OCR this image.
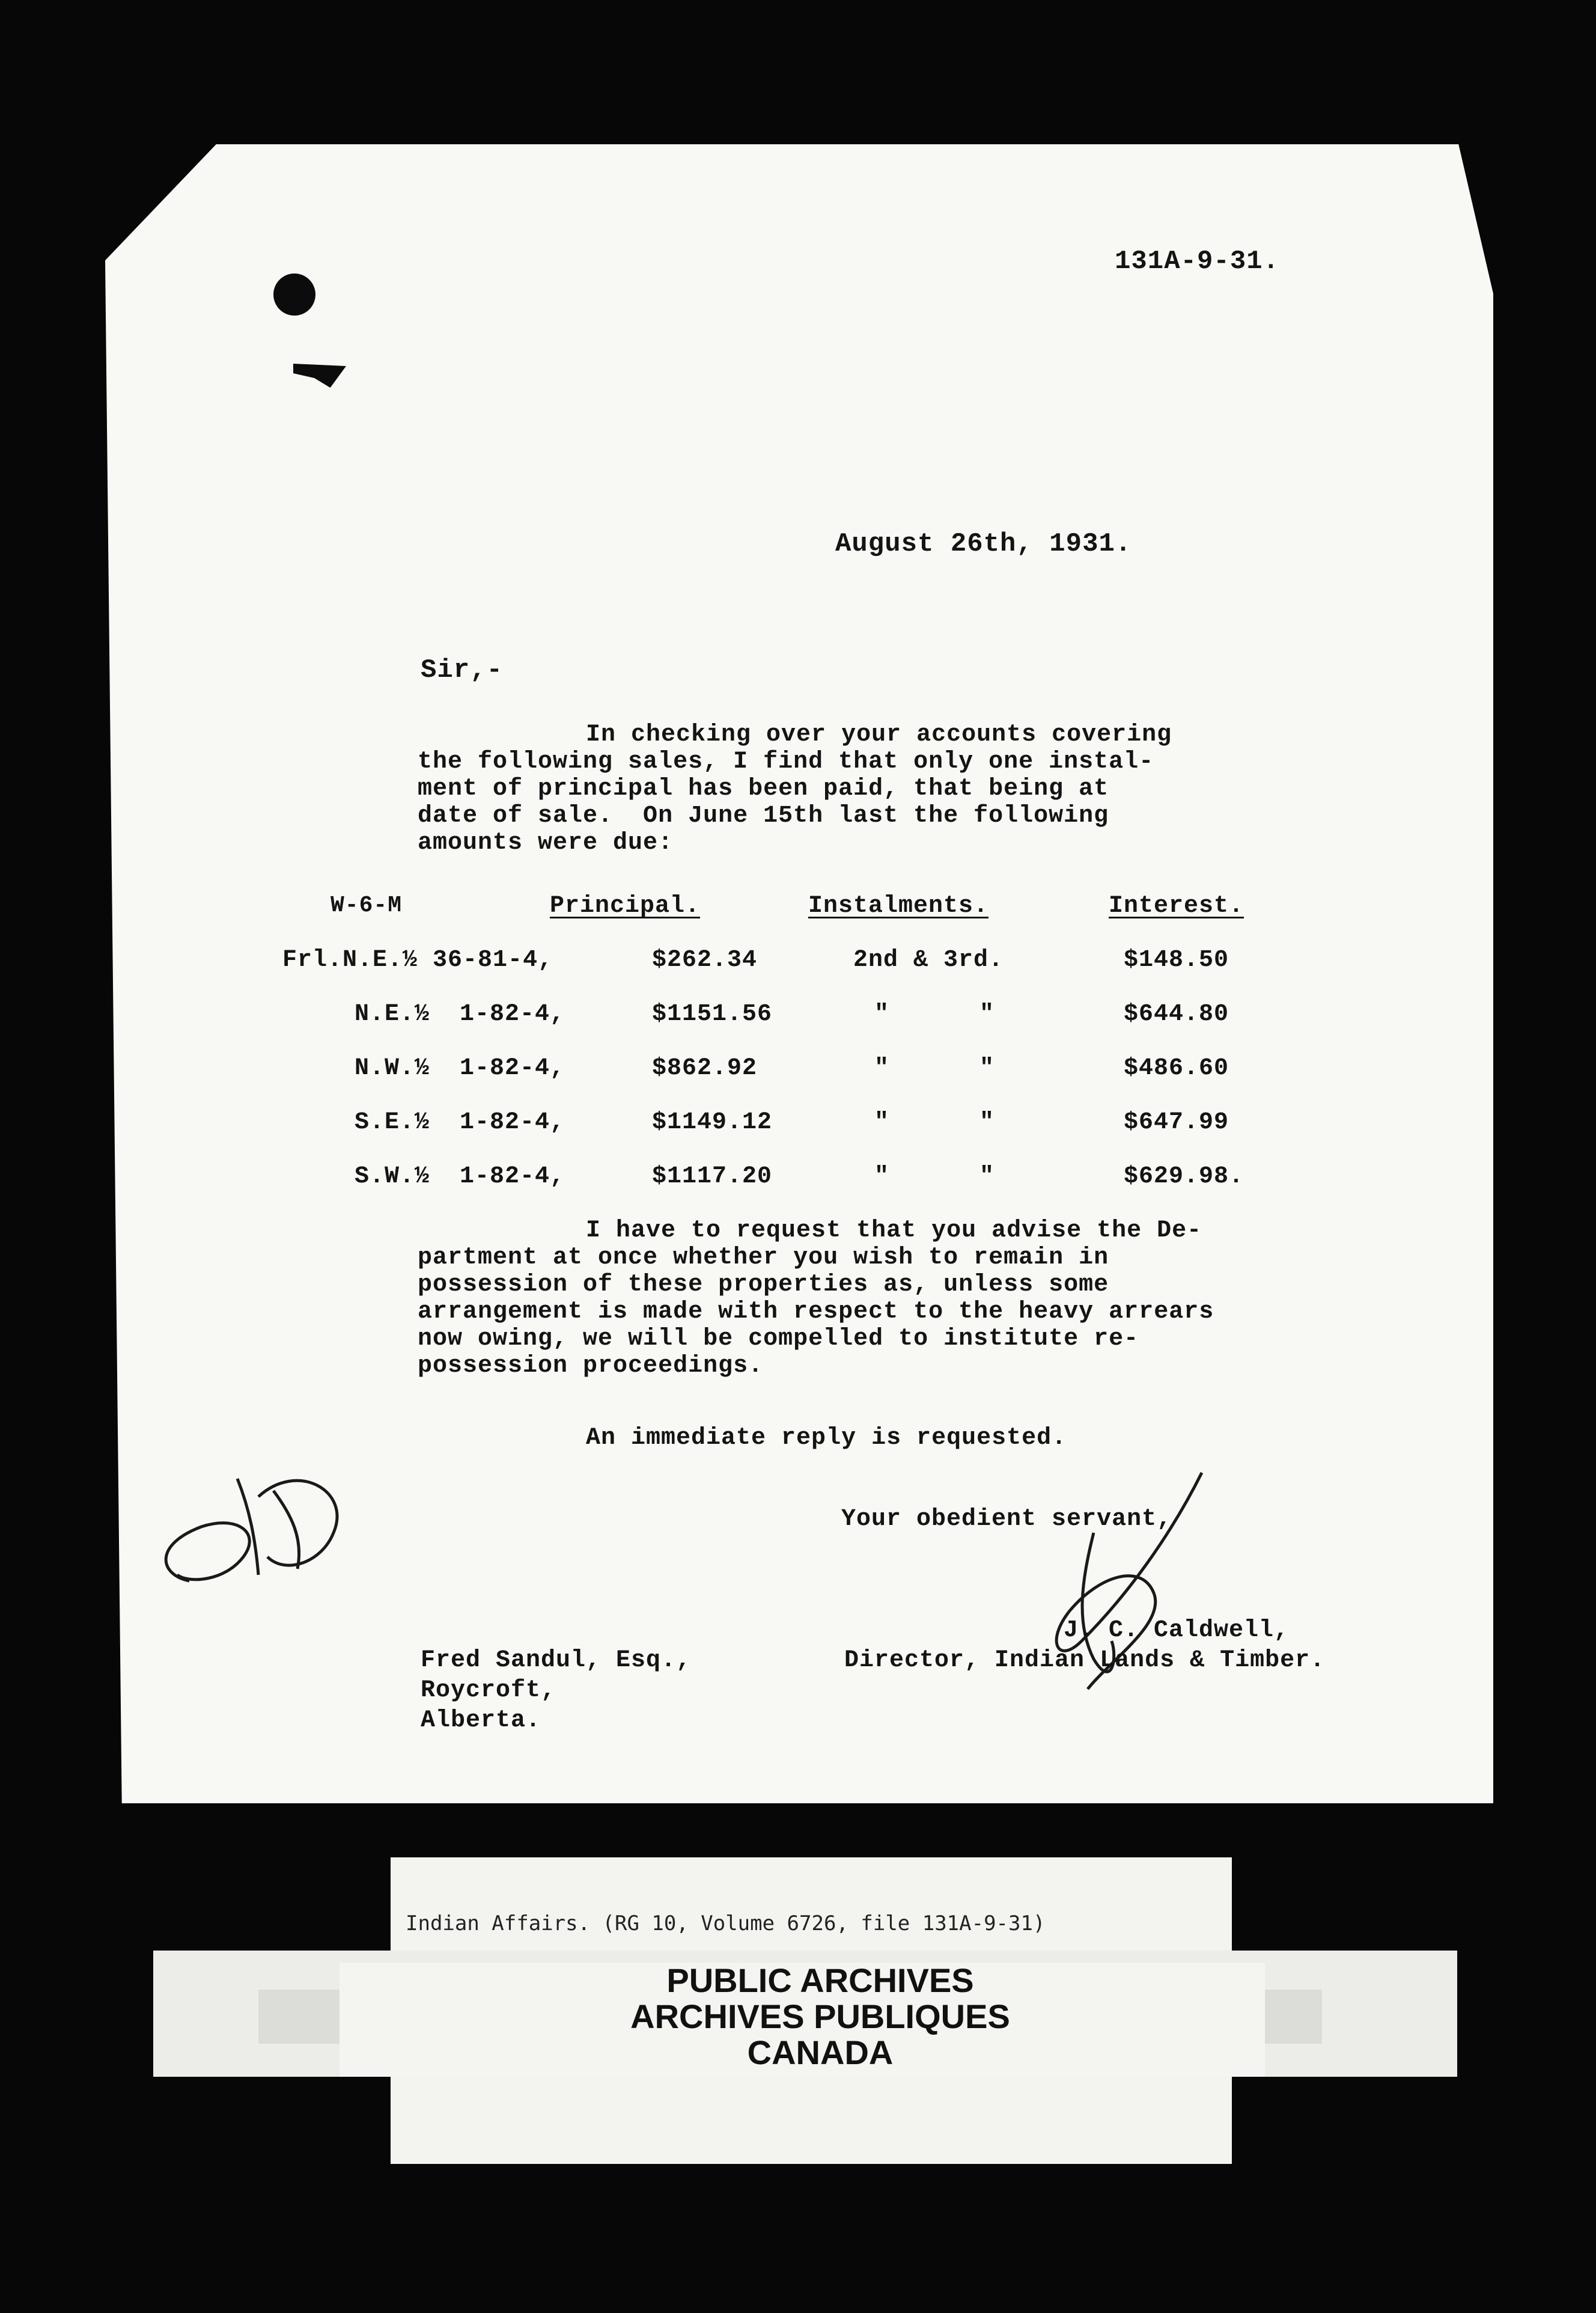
131A-9-31.
August 26th, 1931.
Sir,-
In checking over your accounts covering
the following sales, I find that only one instal-
ment of principal has been paid, that being at
date of sale.  On June 15th last the following
amounts were due:
W-6-M	Principal.	Instalments.	Interest.
Frl.N.E.½ 36-81-4,	$262.34	2nd & 3rd.	$148.50
N.E.½  1-82-4,	$1151.56	"      "	$644.80
N.W.½  1-82-4,	$862.92	"      "	$486.60
S.E.½  1-82-4,	$1149.12	"      "	$647.99
S.W.½  1-82-4,	$1117.20	"      "	$629.98.
I have to request that you advise the De-
partment at once whether you wish to remain in
possession of these properties as, unless some
arrangement is made with respect to the heavy arrears
now owing, we will be compelled to institute re-
possession proceedings.
An immediate reply is requested.
Your obedient servant,
J. C. Caldwell,
Director, Indian Lands & Timber.
Fred Sandul, Esq.,
Roycroft,
Alberta.
Indian Affairs. (RG 10, Volume 6726, file 131A-9-31)
PUBLIC ARCHIVES
ARCHIVES PUBLIQUES
CANADA
